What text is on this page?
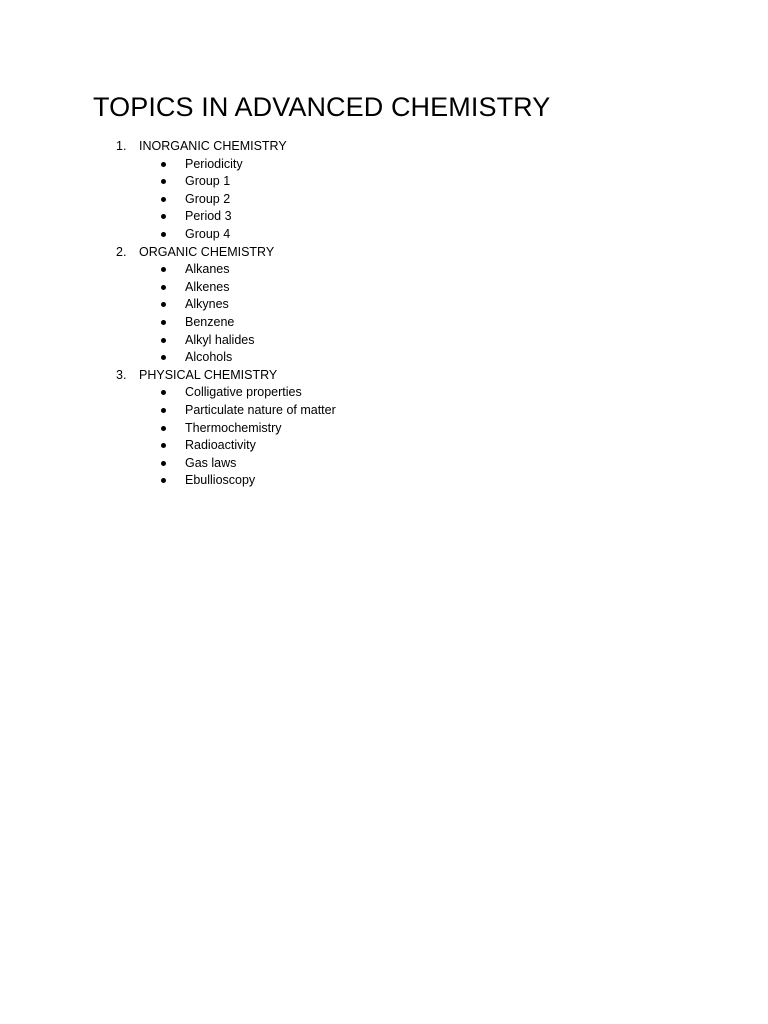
TOPICS IN ADVANCED CHEMISTRY
1. INORGANIC CHEMISTRY
Periodicity
Group 1
Group 2
Period 3
Group 4
2. ORGANIC CHEMISTRY
Alkanes
Alkenes
Alkynes
Benzene
Alkyl halides
Alcohols
3. PHYSICAL CHEMISTRY
Colligative properties
Particulate nature of matter
Thermochemistry
Radioactivity
Gas laws
Ebullioscopy
